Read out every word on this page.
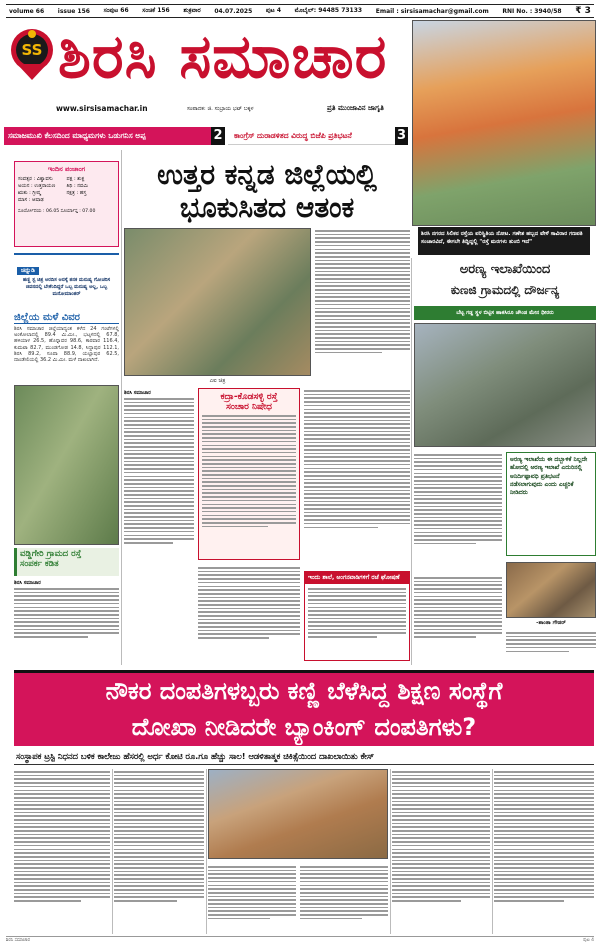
volume 66 issue 156 ಸಂಪುಟ 66 ಸಂಚಿಕೆ 156 ಶುಕ್ರವಾರ 04.07.2025 ಪುಟ 4 ಮೊಬೈಲ್: 94485 73133 Email : sirsisamachar@gmail.com RNI No. : 3940/58 ₹ 3
SS ಶಿರಸಿ ಸಮಾಚಾರ
www.sirsisamachar.in	ಸಂಪಾದಕ: ಜಿ. ಸುಬ್ರಾಯ ಭಟ್ ಬಕ್ಕಳ	ಪ್ರತಿ ಮುಂಜಾವಿನ ಜಾಗೃತಿ
ಸಮಾಜಮುಖಿ ಕೆಲಸದಿಂದ ಮಾಧ್ಯಮಗಳು ಒಡುಗನಿಸ ಅಪ್ಪ	2	ಕಾಂಗ್ರೆಸ್ ದುರಾಡಳಿತದ ವಿರುದ್ಧ ಬಿಜೆಪಿ ಪ್ರತಿಭಟನೆ	3
ಶಿರಸಿ ನಗರದ ಸಿಲಿಕನ ರಸ್ತೆಯ ಪರಿಸ್ಥಿತಿಯ ನೋಟ. ಗಣೇಶ ಹಬ್ಬದ ವೇಳೆ ಸಾವಿರಾರ ಗಣಪತಿ ಸಂಚಾರವಿದೆ, ಈಗಲೇ ತಿದ್ದಿದ್ದಲ್ಲಿ "ರಸ್ತೆ ಮರಗಳು ತುಂಬಿ ಇದೆ"
ಇಂದಿನ ಪಂಚಾಂಗ
ಸಂವತ್ಸರ : ವಿಶ್ವಾವಸು	ಪಕ್ಷ : ಶುಕ್ಲ
ಅಯನ : ಉತ್ತರಾಯಣ	ತಿಥಿ : ನವಮಿ
ಋತು : ಗ್ರೀಷ್ಮ	ನಕ್ಷತ್ರ : ಹಸ್ತ
ಮಾಸ : ಆಷಾಢ
ಸೂರ್ಯೋದಯ : 06.05 ಸೂರ್ಯಾಸ್ತ : 07.00
ಚಿನ್ನುಡಿ
ಹಣ್ಣಿ ಸ್ಟ ಚಿತ್ರ ಅರದಿಸ ಅರಸ್ಕೆ ತನಕ ಮನುಷ್ಯ ಗೋಚರಿಸ ಜಿವನದಲ್ಲಿ ಬೇಕೆಂದಿದ್ದರೆ ಒಬ್ಬ ಮನುಷ್ಯ ಅಲ್ಲ, ಒಬ್ಬ ಮನೋಮಾಂತರ್
ಜಿಲ್ಲೆಯ ಮಳೆ ವಿವರ
ಶಿರಸಿ ಸಮಾಚಾರ ಜಿಲ್ಲೆಯಾದ್ಯಂತ ಕಳೆದ 24 ಗಂಟೆಗಳಲ್ಲಿ ಅಂಕೋಲಾದಲ್ಲಿ 89.4 ಮಿ.ಮೀ., ಭಟ್ಕಳದಲ್ಲಿ 67.8, ಹಳಿಯಾಳ 26.5, ಹೊನ್ನಾವರ 98.6, ಕಾರವಾರ 116.4, ಕುಮಟಾ 82.7, ಮುಂಡಗೋಡ 14.8, ಸಿದ್ದಾಪುರ 112.1, ಶಿರಸಿ 89.2, ಸೂಪಾ 88.9, ಯಲ್ಲಾಪುರ 62.5, ದಾಂಡೇಲಿಯಲ್ಲಿ 36.2 ಮಿ.ಮೀ. ಮಳೆ ದಾಖಲಾಗಿದೆ.
ವಡ್ಡಿಗೇರಿ ಗ್ರಾಮದ ರಸ್ತೆ
ಸಂಪರ್ಕ ಕಡಿತ
ಶಿರಸಿ ಸಮಾಚಾರ
ಉತ್ತರ ಕನ್ನಡ ಜಿಲ್ಲೆಯಲ್ಲಿ
ಭೂಕುಸಿತದ ಆತಂಕ
ಎಐ ಚಿತ್ರ
ಶಿರಸಿ ಸಮಾಚಾರ	ಕದ್ರಾ-ಕೊಡಸಳ್ಳಿ ರಸ್ತೆ
ಸಂಚಾರ ನಿಷೇಧ
ಇಂದು ಶಾಲೆ, ಅಂಗನವಾಡಿಗಳಿಗೆ ರಜೆ ಘೋಷಣೆ
ಅರಣ್ಯ ಇಲಾಖೆಯಿಂದ
ಕುಣಜಿ ಗ್ರಾಮದಲ್ಲಿ ದೌರ್ಜನ್ಯ
ಬೆಟ್ಟ ಗಡ್ಡ ಸ್ಥಳ ಬಿಟ್ಟಿಸ ಹಾಕಸಿರೂ ಜೌಂಡ ಮೇನ ಧೀರರು
ಅರಣ್ಯ ಇಲಾಖೆಯ ಈ ದಬ್ಬಾಳಿಕೆ ನಿಲ್ಲದೇ ಹೋದಲ್ಲಿ ಅರಣ್ಯ ಇಲಾಖೆ ಎದುರಿನಲ್ಲಿ ಅನಿರ್ದಿಷ್ಟಾವಧಿ ಪ್ರತಿಭಟನೆ ನಡೆಸಲಾಗುವುದು ಎಂದು ಎಚ್ಚರಿಕೆ ನೀಡಿದರು
-ಶಾಂತಾ ಗೌಡರ್
ನೌಕರ ದಂಪತಿಗಳಬ್ಬರು ಕಣ್ಣಿ ಬೆಳೆಸಿದ್ದ ಶಿಕ್ಷಣ ಸಂಸ್ಥೆಗೆ
ದೋಖಾ ನೀಡಿದರೇ ಬ್ಯಾಂಕಿಂಗ್ ದಂಪತಿಗಳು?
ಸಂಸ್ಥಾಪಕ ಟ್ರಸ್ಟಿ ನಿಧನದ ಬಳಿಕ ಕಾಲೇಜು ಹೆಸರಲ್ಲಿ ಅರ್ಧ ಕೋಟಿ ರೂ.ಗೂ ಹೆಚ್ಚು ಸಾಲ! ಆಡಳಿತಾತ್ಮಕ ಚಿಕಿತ್ಸೆಯಿಂದ ದಾಖಲಾಯಿತು ಕೇಸ್
ಶಿರಸಿ ಸಮಾಚಾರ	ಪುಟ 4
